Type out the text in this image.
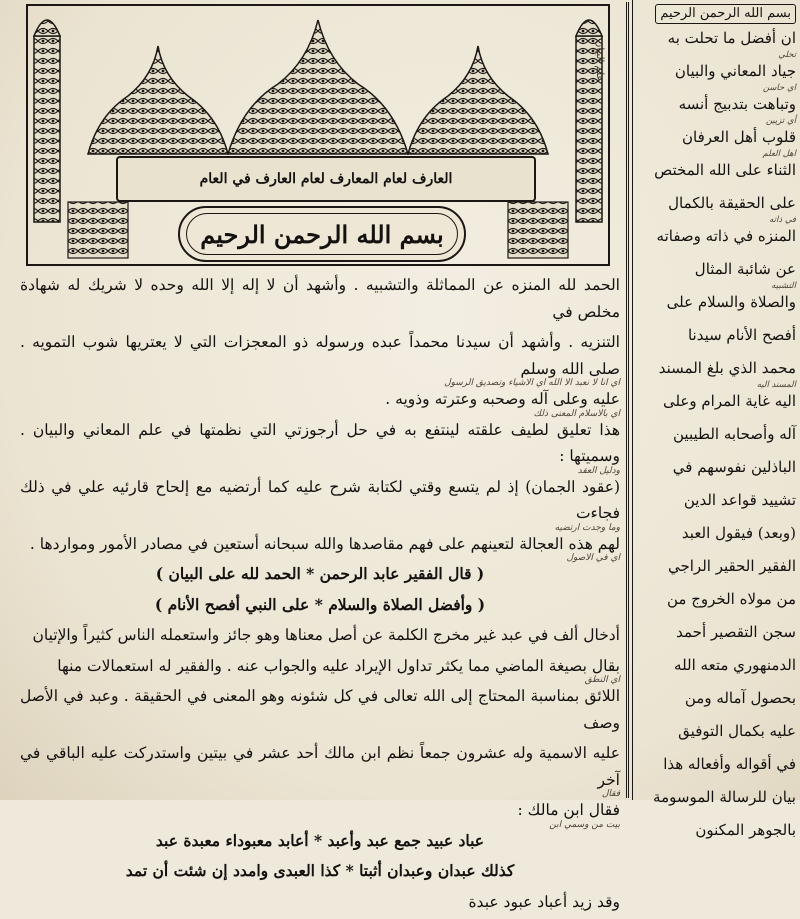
العارف لعام المعارف لعام العارف في العام
بسم الله الرحمن الرحيم
علم البيان

الحمد لله المنزه عن المماثلة والتشبيه . وأشهد أن لا إله إلا الله وحده لا شريك له شهادة مخلص في

التنزيه . وأشهد أن سيدنا محمداً عبده ورسوله ذو المعجزات التي لا يعتريها شوب التمويه . صلى الله وسلم

اي انا لا نعبد الا الله اي الاشياء وتصديق الرسول

عليه وعلى آله وصحبه وعترته وذويه .

اي بالاسلام المعنى ذلك

هذا تعليق لطيف علقته لينتفع به في حل أرجوزتي التي نظمتها في علم المعاني والبيان . وسميتها :

ودليل العقد

(عقود الجمان) إذ لم يتسع وقتي لكتابة شرح عليه كما أرتضيه مع إلحاح قارئيه علي في ذلك فجاءت

وما وجدت ارتضيه

لهم هذه العجالة لتعينهم على فهم مقاصدها والله سبحانه أستعين في مصادر الأمور ومواردها .

اي في الاصول

( قال الفقير عابد الرحمن * الحمد لله على البيان )

( وأفضل الصلاة والسلام * على النبي أفصح الأنام )

أدخال ألف في عبد غير مخرج الكلمة عن أصل معناها وهو جائز واستعمله الناس كثيراً والإتيان

بقال بصيغة الماضي مما يكثر تداول الإيراد عليه والجواب عنه . والفقير له استعمالات منها

اي النطق

اللائق بمناسبة المحتاج إلى الله تعالى في كل شئونه وهو المعنى في الحقيقة . وعبد في الأصل وصف

عليه الاسمية وله عشرون جمعاً نظم ابن مالك أحد عشر في بيتين واستدركت عليه الباقي في آخر

فقال

فقال ابن مالك :

بيت من وسمي ابن

عباد عبيد جمع عبد وأعبد * أعابد معبوداء معبدة عبد

كذلك عبدان وعبدان أثبتا * كذا العبدى وامدد إن شئت أن تمد

وقد زيد أعباد عبود عبدة

بسم الله الرحمن الرحيم

ان أفضل ما تحلت به

تحلي

جياد المعاني والبيان

اي حاسن

وتباهت بتدبيج أنسه

أي تزيين

قلوب أهل العرفان

اهل العلم

الثناء على الله المختص

على الحقيقة بالكمال

في ذاته

المنزه في ذاته وصفاته

عن شائبة المثال

التشبيه

والصلاة والسلام على

أفصح الأنام سيدنا

محمد الذي بلغ المسند

المسند اليه

اليه غاية المرام وعلى

آله وأصحابه الطيبين

الباذلين نفوسهم في

تشييد قواعد الدين

(وبعد) فيقول العبد

الفقير الحقير الراجي

من مولاه الخروج من

سجن التقصير أحمد

الدمنهوري متعه الله

بحصول آماله ومن

عليه بكمال التوفيق

في أقواله وأفعاله هذا

بيان للرسالة الموسومة

بالجوهر المكنون
